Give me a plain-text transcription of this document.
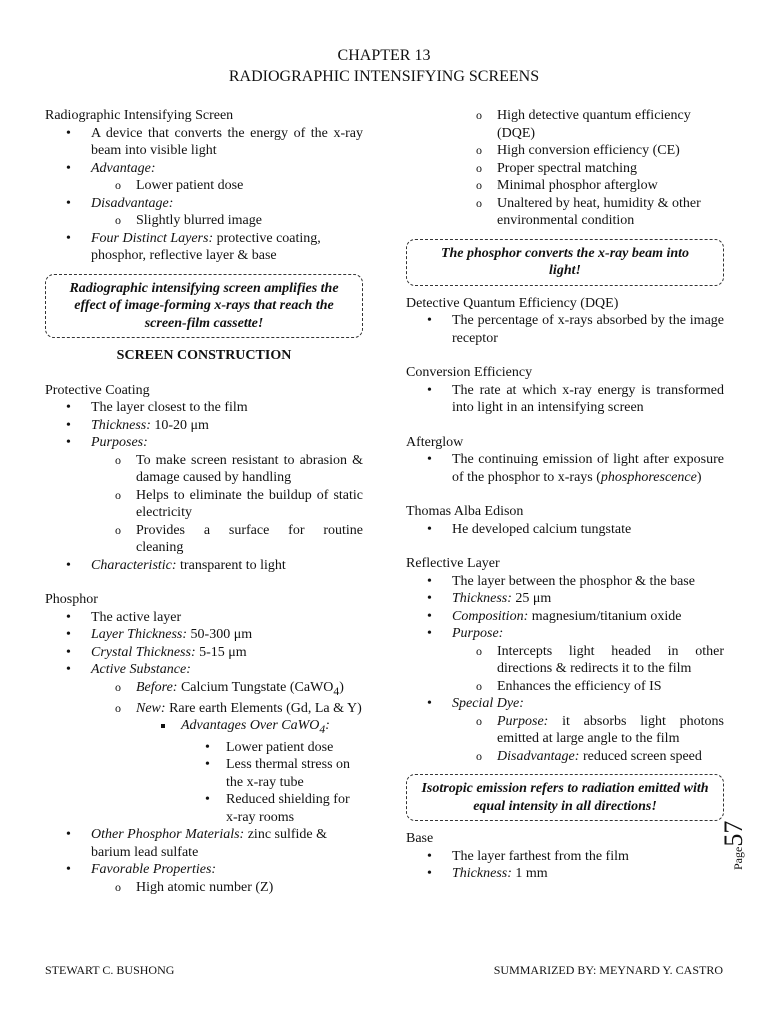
CHAPTER 13
RADIOGRAPHIC INTENSIFYING SCREENS

Radiographic Intensifying Screen

• A device that converts the energy of the x-ray beam into visible light
• Advantage:
o Lower patient dose
• Disadvantage:
o Slightly blurred image
• Four Distinct Layers: protective coating, phosphor, reflective layer & base
Radiographic intensifying screen amplifies the effect of image-forming x-rays that reach the screen-film cassette!
SCREEN CONSTRUCTION

Protective Coating

• The layer closest to the film
• Thickness: 10-20 μm
• Purposes:
o To make screen resistant to abrasion & damage caused by handling
o Helps to eliminate the buildup of static electricity
o Provides a surface for routine cleaning
• Characteristic: transparent to light

Phosphor

• The active layer
• Layer Thickness: 50-300 μm
• Crystal Thickness: 5-15 μm
• Active Substance:
o Before: Calcium Tungstate (CaWO$_4$)
o New: Rare earth Elements (Gd, La & Y)
Advantages Over CaWO$_4$:
• Lower patient dose
• Less thermal stress on the x-ray tube
• Reduced shielding for x-ray rooms
• Other Phosphor Materials: zinc sulfide & barium lead sulfate
• Favorable Properties:
o High atomic number (Z)
o High detective quantum efficiency (DQE)
o High conversion efficiency (CE)
o Proper spectral matching
o Minimal phosphor afterglow
o Unaltered by heat, humidity & other environmental condition
The phosphor converts the x-ray beam into light!

Detective Quantum Efficiency (DQE)

• The percentage of x-rays absorbed by the image receptor

Conversion Efficiency

• The rate at which x-ray energy is transformed into light in an intensifying screen

Afterglow

• The continuing emission of light after exposure of the phosphor to x-rays (phosphorescence)

Thomas Alba Edison

• He developed calcium tungstate

Reflective Layer

• The layer between the phosphor & the base
• Thickness: 25 μm
• Composition: magnesium/titanium oxide
• Purpose:
o Intercepts light headed in other directions & redirects it to the film
o Enhances the efficiency of IS
• Special Dye:
o Purpose: it absorbs light photons emitted at large angle to the film
o Disadvantage: reduced screen speed
Isotropic emission refers to radiation emitted with equal intensity in all directions!

Base

• The layer farthest from the film
• Thickness: 1 mm
Page57
STEWART C. BUSHONG	SUMMARIZED BY: MEYNARD Y. CASTRO
